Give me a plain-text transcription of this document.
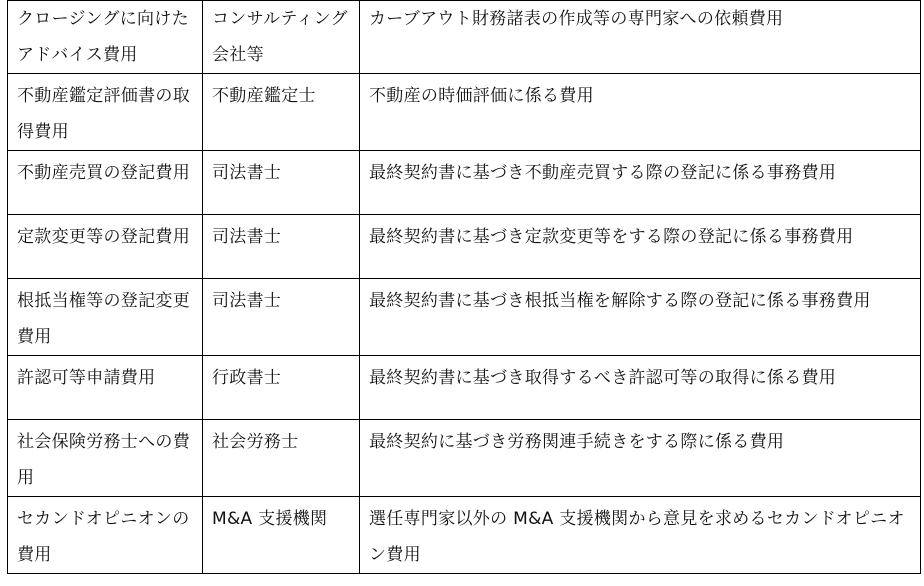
クロージングに向けたアドバイス費用	コンサルティング会社等	カーブアウト財務諸表の作成等の専門家への依頼費用
不動産鑑定評価書の取得費用	不動産鑑定士	不動産の時価評価に係る費用
不動産売買の登記費用	司法書士	最終契約書に基づき不動産売買する際の登記に係る事務費用
定款変更等の登記費用	司法書士	最終契約書に基づき定款変更等をする際の登記に係る事務費用
根抵当権等の登記変更費用	司法書士	最終契約書に基づき根抵当権を解除する際の登記に係る事務費用
許認可等申請費用	行政書士	最終契約書に基づき取得するべき許認可等の取得に係る費用
社会保険労務士への費用	社会労務士	最終契約に基づき労務関連手続きをする際に係る費用
セカンドオピニオンの費用	M&A 支援機関	選任専門家以外の M&A 支援機関から意見を求めるセカンドオピニオン費用
